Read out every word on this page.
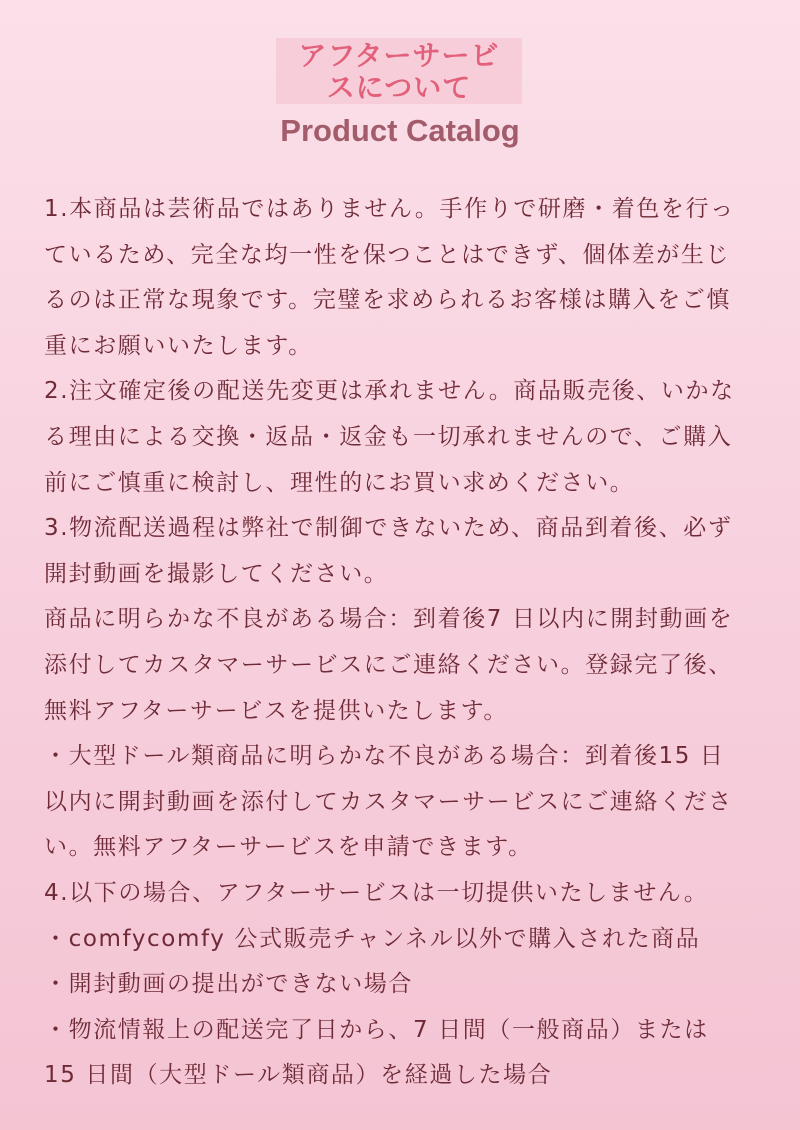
アフターサービ
スについて
Product Catalog
1.本商品は芸術品ではありません。手作りで研磨・着色を行っ
ているため、完全な均一性を保つことはできず、個体差が生じ
るのは正常な現象です。完璧を求められるお客様は購入をご慎
重にお願いいたします。
2.注文確定後の配送先変更は承れません。商品販売後、いかな
る理由による交換・返品・返金も一切承れませんので、ご購入
前にご慎重に検討し、理性的にお買い求めください。
3.物流配送過程は弊社で制御できないため、商品到着後、必ず
開封動画を撮影してください。
商品に明らかな不良がある場合：到着後7 日以内に開封動画を
添付してカスタマーサービスにご連絡ください。登録完了後、
無料アフターサービスを提供いたします。
・大型ドール類商品に明らかな不良がある場合：到着後15 日
以内に開封動画を添付してカスタマーサービスにご連絡くださ
い。無料アフターサービスを申請できます。
4.以下の場合、アフターサービスは一切提供いたしません。
・comfycomfy 公式販売チャンネル以外で購入された商品
・開封動画の提出ができない場合
・物流情報上の配送完了日から、7 日間（一般商品）または
15 日間（大型ドール類商品）を経過した場合
